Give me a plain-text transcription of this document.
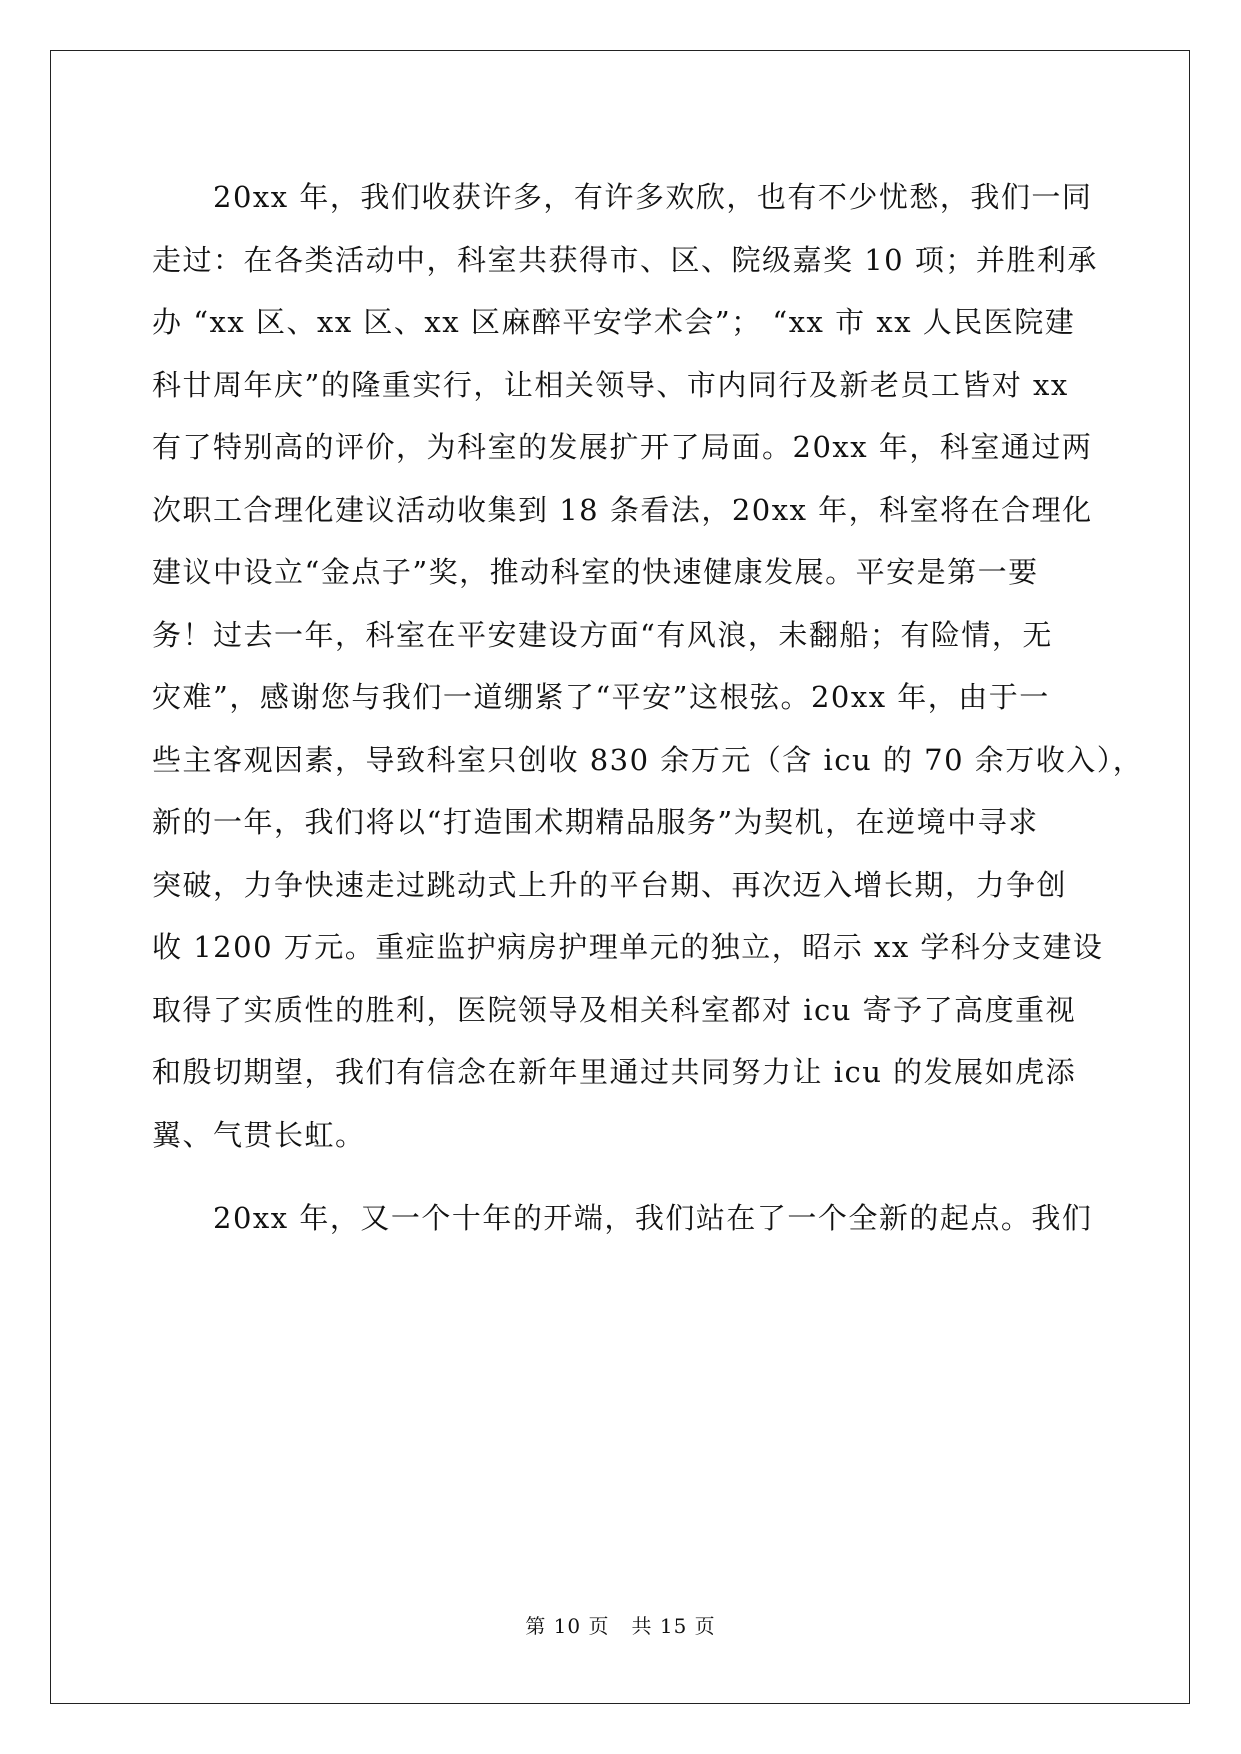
　　20xx 年，我们收获许多，有许多欢欣，也有不少忧愁，我们一同
走过：在各类活动中，科室共获得市、区、院级嘉奖 10 项；并胜利承
办 “xx 区、xx 区、xx 区麻醉平安学术会”； “xx 市 xx 人民医院建
科廿周年庆”的隆重实行，让相关领导、市内同行及新老员工皆对 xx
有了特别高的评价，为科室的发展扩开了局面。20xx 年，科室通过两
次职工合理化建议活动收集到 18 条看法，20xx 年，科室将在合理化
建议中设立“金点子”奖，推动科室的快速健康发展。平安是第一要
务！过去一年，科室在平安建设方面“有风浪，未翻船；有险情，无
灾难”，感谢您与我们一道绷紧了“平安”这根弦。20xx 年，由于一
些主客观因素，导致科室只创收 830 余万元（含 icu 的 70 余万收入），
新的一年，我们将以“打造围术期精品服务”为契机，在逆境中寻求
突破，力争快速走过跳动式上升的平台期、再次迈入增长期，力争创
收 1200 万元。重症监护病房护理单元的独立，昭示 xx 学科分支建设
取得了实质性的胜利，医院领导及相关科室都对 icu 寄予了高度重视
和殷切期望，我们有信念在新年里通过共同努力让 icu 的发展如虎添
翼、气贯长虹。
　　20xx 年，又一个十年的开端，我们站在了一个全新的起点。我们
第 10 页 共 15 页
